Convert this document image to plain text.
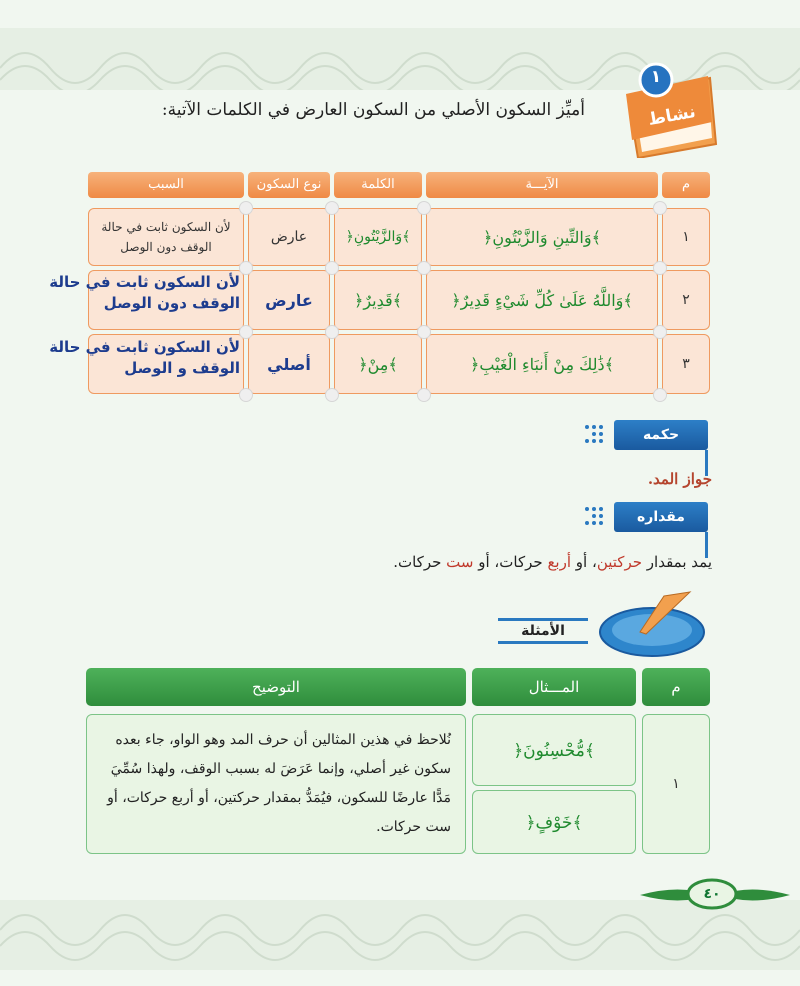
١
نشاط
أميِّز السكون الأصلي من السكون العارض في الكلمات الآتية:
م
الآيـــة
الكلمة
نوع السكون
السبب
١
﴿وَالتِّينِ وَالزَّيْتُونِ﴾
﴿وَالزَّيْتُونِ﴾
عارض
لأن السكون ثابت في حالة الوقف دون الوصل
٢
﴿وَاللَّهُ عَلَىٰ كُلِّ شَيْءٍ قَدِيرٌ﴾
﴿قَدِيرٌ﴾
عارض
٣
﴿ذَٰلِكَ مِنْ أَنبَاءِ الْغَيْبِ﴾
﴿مِنْ﴾
أصلي
لأن السكون ثابت في حالة الوقف دون الوصل
لأن السكون ثابت في حالة الوقف و الوصل
حكمه
جواز المد.
مقداره
يمد بمقدار حركتين، أو أربع حركات، أو ست حركات.
الأمثلة
م
المـــثال
التوضيح
١
﴿مُّحْسِنُونَ﴾
﴿خَوْفٍ﴾
نُلاحظ في هذين المثالين أن حرف المد وهو الواو، جاء بعده سكون غير أصلي، وإنما عَرَضَ له بسبب الوقف، ولهذا سُمِّيَ مَدًّا عارضًا للسكون، فيُمَدُّ بمقدار حركتين، أو أربع حركات، أو ست حركات.
٤٠
